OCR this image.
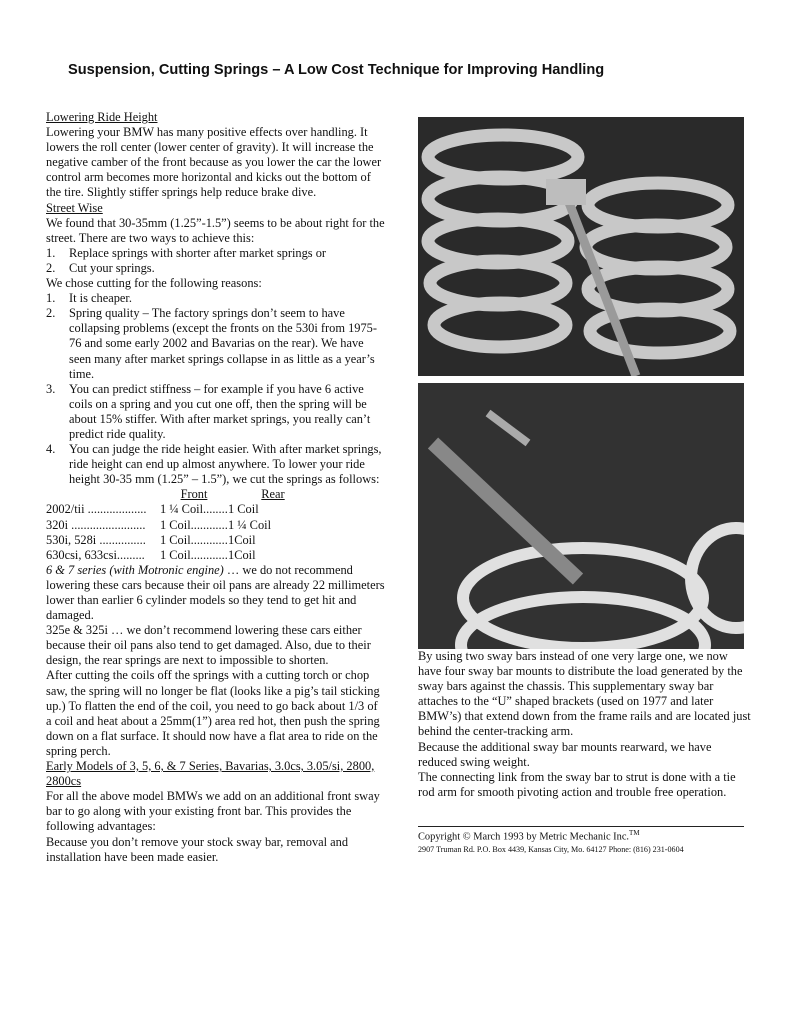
Suspension, Cutting Springs – A Low Cost Technique for Improving Handling
Lowering Ride Height

Lowering your BMW has many positive effects over handling. It lowers the roll center (lower center of gravity). It will increase the negative camber of the front because as you lower the car the lower control arm becomes more horizontal and kicks out the bottom of the tire. Slightly stiffer springs help reduce brake dive.

Street Wise

We found that 30-35mm (1.25”-1.5”) seems to be about right for the street. There are two ways to achieve this:

1.	Replace springs with shorter after market springs or
2.	Cut your springs.

We chose cutting for the following reasons:

1.	It is cheaper.
2.	Spring quality – The factory springs don’t seem to have collapsing problems (except the fronts on the 530i from 1975-76 and some early 2002 and Bavarias on the rear). We have seen many after market springs collapse in as little as a year’s time.
3.	You can predict stiffness – for example if you have 6 active coils on a spring and you cut one off, then the spring will be about 15% stiffer. With after market springs, you really can’t predict ride quality.
4.	You can judge the ride height easier. With after market springs, ride height can end up almost anywhere. To lower your ride height 30-35 mm (1.25” – 1.5”), we cut the springs as follows:
Front	Rear
2002/tii ...................	1 ¼ Coil........ 1 Coil
320i ........................	1 Coil............ 1 ¼ Coil
530i, 528i ...............	1 Coil............ 1Coil
630csi, 633csi.........	1 Coil............ 1Coil

6 & 7 series (with Motronic engine) … we do not recommend lowering these cars because their oil pans are already 22 millimeters lower than earlier 6 cylinder models so they tend to get hit and damaged.

325e & 325i … we don’t recommend lowering these cars either because their oil pans also tend to get damaged. Also, due to their design, the rear springs are next to impossible to shorten.

After cutting the coils off the springs with a cutting torch or chop saw, the spring will no longer be flat (looks like a pig’s tail sticking up.) To flatten the end of the coil, you need to go back about 1/3 of a coil and heat about a 25mm(1”) area red hot, then push the spring down on a flat surface. It should now have a flat area to ride on the spring perch.

Early Models of 3, 5, 6, & 7 Series, Bavarias, 3.0cs, 3.05/si, 2800, 2800cs

For all the above model BMWs we add on an additional front sway bar to go along with your existing front bar. This provides the following advantages:

Because you don’t remove your stock sway bar, removal and installation have been made easier.

By using two sway bars instead of one very large one, we now have four sway bar mounts to distribute the load generated by the sway bars against the chassis. This supplementary sway bar attaches to the “U” shaped brackets (used on 1977 and later BMW’s) that extend down from the frame rails and are located just behind the center-tracking arm.

Because the additional sway bar mounts rearward, we have reduced swing weight.

The connecting link from the sway bar to strut is done with a tie rod arm for smooth pivoting action and trouble free operation.

Copyright © March 1993 by Metric Mechanic Inc.™
2907 Truman Rd. P.O. Box 4439, Kansas City, Mo. 64127 Phone: (816) 231-0604
